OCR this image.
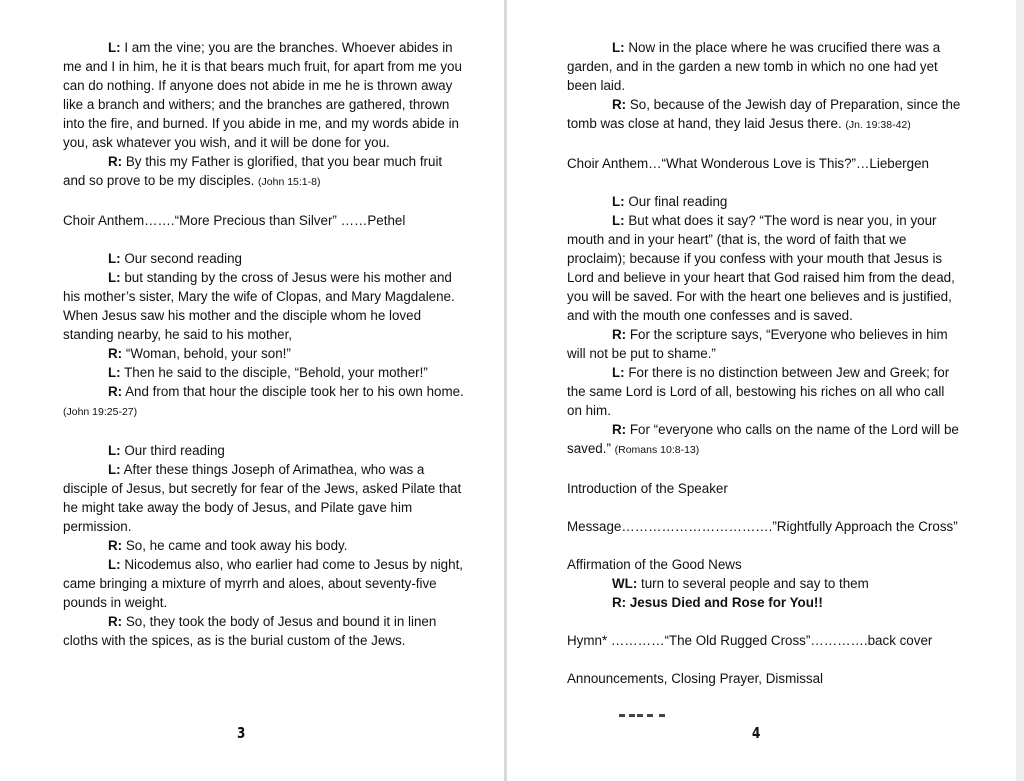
L: I am the vine; you are the branches. Whoever abides in me and I in him, he it is that bears much fruit, for apart from me you can do nothing. If anyone does not abide in me he is thrown away like a branch and withers; and the branches are gathered, thrown into the fire, and burned. If you abide in me, and my words abide in you, ask whatever you wish, and it will be done for you.

R: By this my Father is glorified, that you bear much fruit and so prove to be my disciples. (John 15:1-8)

Choir Anthem…….“More Precious than Silver” ……Pethel

L: Our second reading

L: but standing by the cross of Jesus were his mother and his mother’s sister, Mary the wife of Clopas, and Mary Magdalene. When Jesus saw his mother and the disciple whom he loved standing nearby, he said to his mother,

R: “Woman, behold, your son!”

L: Then he said to the disciple, “Behold, your mother!”

R: And from that hour the disciple took her to his own home. (John 19:25-27)

L: Our third reading

L: After these things Joseph of Arimathea, who was a disciple of Jesus, but secretly for fear of the Jews, asked Pilate that he might take away the body of Jesus, and Pilate gave him permission.

R: So, he came and took away his body.

L: Nicodemus also, who earlier had come to Jesus by night, came bringing a mixture of myrrh and aloes, about seventy-five pounds in weight.

R: So, they took the body of Jesus and bound it in linen cloths with the spices, as is the burial custom of the Jews.

3

L: Now in the place where he was crucified there was a garden, and in the garden a new tomb in which no one had yet been laid.

R: So, because of the Jewish day of Preparation, since the tomb was close at hand, they laid Jesus there. (Jn. 19:38-42)

Choir Anthem…“What Wonderous Love is This?”…Liebergen

L: Our final reading

L: But what does it say? “The word is near you, in your mouth and in your heart” (that is, the word of faith that we proclaim); because if you confess with your mouth that Jesus is Lord and believe in your heart that God raised him from the dead, you will be saved. For with the heart one believes and is justified, and with the mouth one confesses and is saved.

R: For the scripture says, “Everyone who believes in him will not be put to shame.”

L: For there is no distinction between Jew and Greek; for the same Lord is Lord of all, bestowing his riches on all who call on him.

R: For “everyone who calls on the name of the Lord will be saved.” (Romans 10:8-13)

Introduction of the Speaker

Message…………………………….”Rightfully Approach the Cross”

Affirmation of the Good News

WL: turn to several people and say to them

R: Jesus Died and Rose for You!!

Hymn* …………“The Old Rugged Cross”………….back cover

Announcements, Closing Prayer, Dismissal

4
